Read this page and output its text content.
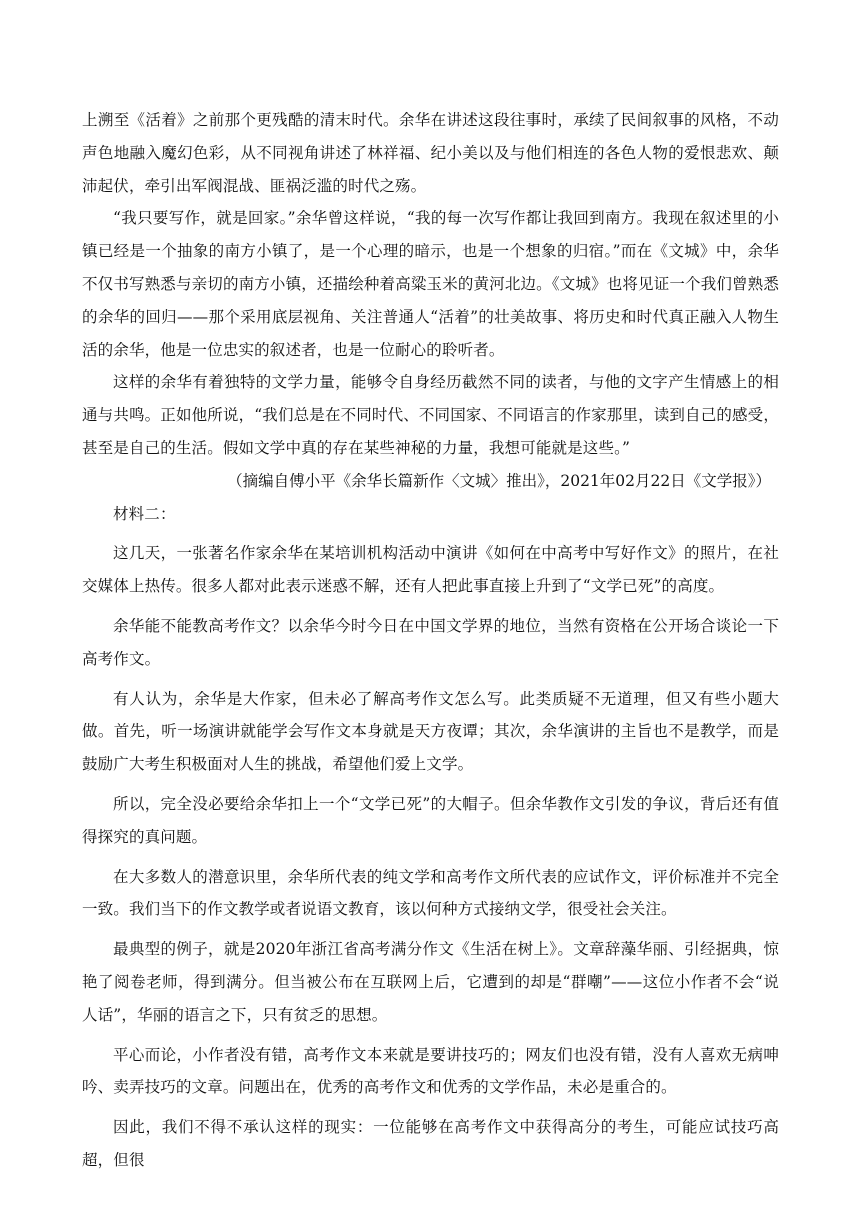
上溯至《活着》之前那个更残酷的清末时代。余华在讲述这段往事时，承续了民间叙事的风格，不动声色地融入魔幻色彩，从不同视角讲述了林祥福、纪小美以及与他们相连的各色人物的爱恨悲欢、颠沛起伏，牵引出军阀混战、匪祸泛滥的时代之殇。

“我只要写作，就是回家。”余华曾这样说，“我的每一次写作都让我回到南方。我现在叙述里的小镇已经是一个抽象的南方小镇了，是一个心理的暗示，也是一个想象的归宿。”而在《文城》中，余华不仅书写熟悉与亲切的南方小镇，还描绘种着高粱玉米的黄河北边。《文城》也将见证一个我们曾熟悉的余华的回归——那个采用底层视角、关注普通人“活着”的壮美故事、将历史和时代真正融入人物生活的余华，他是一位忠实的叙述者，也是一位耐心的聆听者。

这样的余华有着独特的文学力量，能够令自身经历截然不同的读者，与他的文字产生情感上的相通与共鸣。正如他所说，“我们总是在不同时代、不同国家、不同语言的作家那里，读到自己的感受，甚至是自己的生活。假如文学中真的存在某些神秘的力量，我想可能就是这些。”

（摘编自傅小平《余华长篇新作〈文城〉推出》，2021年02月22日《文学报》）

材料二：

这几天，一张著名作家余华在某培训机构活动中演讲《如何在中高考中写好作文》的照片，在社交媒体上热传。很多人都对此表示迷惑不解，还有人把此事直接上升到了“文学已死”的高度。

余华能不能教高考作文？以余华今时今日在中国文学界的地位，当然有资格在公开场合谈论一下高考作文。

有人认为，余华是大作家，但未必了解高考作文怎么写。此类质疑不无道理，但又有些小题大做。首先，听一场演讲就能学会写作文本身就是天方夜谭；其次，余华演讲的主旨也不是教学，而是鼓励广大考生积极面对人生的挑战，希望他们爱上文学。

所以，完全没必要给余华扣上一个“文学已死”的大帽子。但余华教作文引发的争议，背后还有值得探究的真问题。

在大多数人的潜意识里，余华所代表的纯文学和高考作文所代表的应试作文，评价标准并不完全一致。我们当下的作文教学或者说语文教育，该以何种方式接纳文学，很受社会关注。

最典型的例子，就是2020年浙江省高考满分作文《生活在树上》。文章辞藻华丽、引经据典，惊艳了阅卷老师，得到满分。但当被公布在互联网上后，它遭到的却是“群嘲”——这位小作者不会“说人话”，华丽的语言之下，只有贫乏的思想。

平心而论，小作者没有错，高考作文本来就是要讲技巧的；网友们也没有错，没有人喜欢无病呻吟、卖弄技巧的文章。问题出在，优秀的高考作文和优秀的文学作品，未必是重合的。

因此，我们不得不承认这样的现实：一位能够在高考作文中获得高分的考生，可能应试技巧高超，但很
